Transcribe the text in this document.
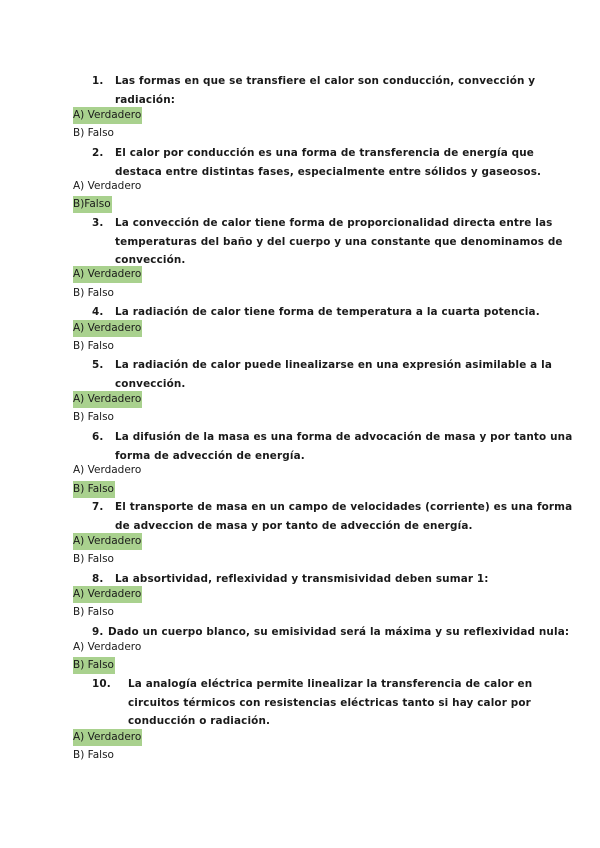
1. Las formas en que se transfiere el calor son conducción, convección y
radiación:
A) Verdadero
B) Falso
2. El calor por conducción es una forma de transferencia de energía que
destaca entre distintas fases, especialmente entre sólidos y gaseosos.
A) Verdadero
B)Falso
3. La convección de calor tiene forma de proporcionalidad directa entre las
temperaturas del baño y del cuerpo y una constante que denominamos de
convección.
A) Verdadero
B) Falso
4. La radiación de calor tiene forma de temperatura a la cuarta potencia.
A) Verdadero
B) Falso
5. La radiación de calor puede linealizarse en una expresión asimilable a la
convección.
A) Verdadero
B) Falso
6. La difusión de la masa es una forma de advocación de masa y por tanto una
forma de advección de energía.
A) Verdadero
B) Falso
7. El transporte de masa en un campo de velocidades (corriente) es una forma
de adveccion de masa y por tanto de advección de energía.
A) Verdadero
B) Falso
8. La absortividad, reflexividad y transmisividad deben sumar 1:
A) Verdadero
B) Falso
9. Dado un cuerpo blanco, su emisividad será la máxima y su reflexividad nula:
A) Verdadero
B) Falso
10. La analogía eléctrica permite linealizar la transferencia de calor en
circuitos térmicos con resistencias eléctricas tanto si hay calor por
conducción o radiación.
A) Verdadero
B) Falso
